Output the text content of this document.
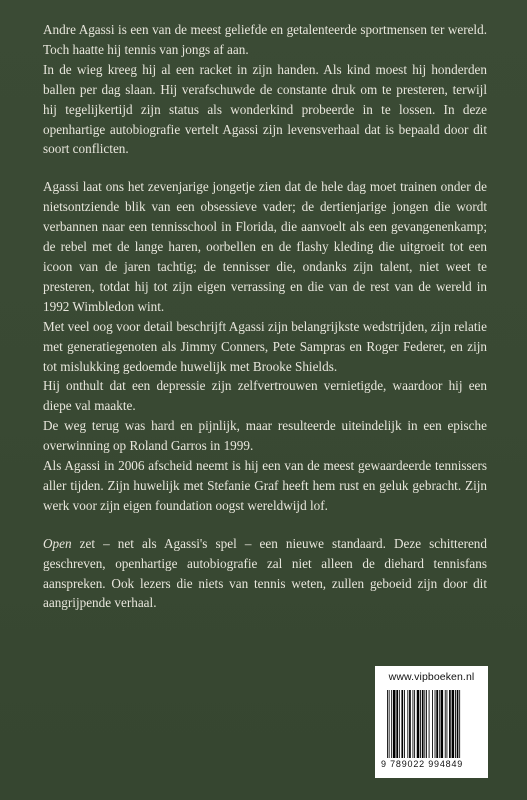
Andre Agassi is een van de meest geliefde en getalenteerde sportmensen ter wereld. Toch haatte hij tennis van jongs af aan.

In de wieg kreeg hij al een racket in zijn handen. Als kind moest hij honderden ballen per dag slaan. Hij verafschuwde de constante druk om te presteren, terwijl hij tegelijkertijd zijn status als wonderkind probeerde in te lossen. In deze openhartige autobiografie vertelt Agassi zijn levensverhaal dat is bepaald door dit soort conflicten.

Agassi laat ons het zevenjarige jongetje zien dat de hele dag moet trainen onder de nietsontziende blik van een obsessieve vader; de dertienjarige jongen die wordt verbannen naar een tennisschool in Florida, die aanvoelt als een gevangenenkamp; de rebel met de lange haren, oorbellen en de flashy kleding die uitgroeit tot een icoon van de jaren tachtig; de tennisser die, ondanks zijn talent, niet weet te presteren, totdat hij tot zijn eigen verrassing en die van de rest van de wereld in 1992 Wimbledon wint.

Met veel oog voor detail beschrijft Agassi zijn belangrijkste wedstrijden, zijn relatie met generatiegenoten als Jimmy Conners, Pete Sampras en Roger Federer, en zijn tot mislukking gedoemde huwelijk met Brooke Shields.

Hij onthult dat een depressie zijn zelfvertrouwen vernietigde, waardoor hij een diepe val maakte.

De weg terug was hard en pijnlijk, maar resulteerde uiteindelijk in een epische overwinning op Roland Garros in 1999.

Als Agassi in 2006 afscheid neemt is hij een van de meest gewaardeerde tennissers aller tijden. Zijn huwelijk met Stefanie Graf heeft hem rust en geluk gebracht. Zijn werk voor zijn eigen foundation oogst wereldwijd lof.

Open zet – net als Agassi's spel – een nieuwe standaard. Deze schitterend geschreven, openhartige autobiografie zal niet alleen de diehard tennisfans aanspreken. Ook lezers die niets van tennis weten, zullen geboeid zijn door dit aangrijpende verhaal.

www.vipboeken.nl
9 789022 994849
